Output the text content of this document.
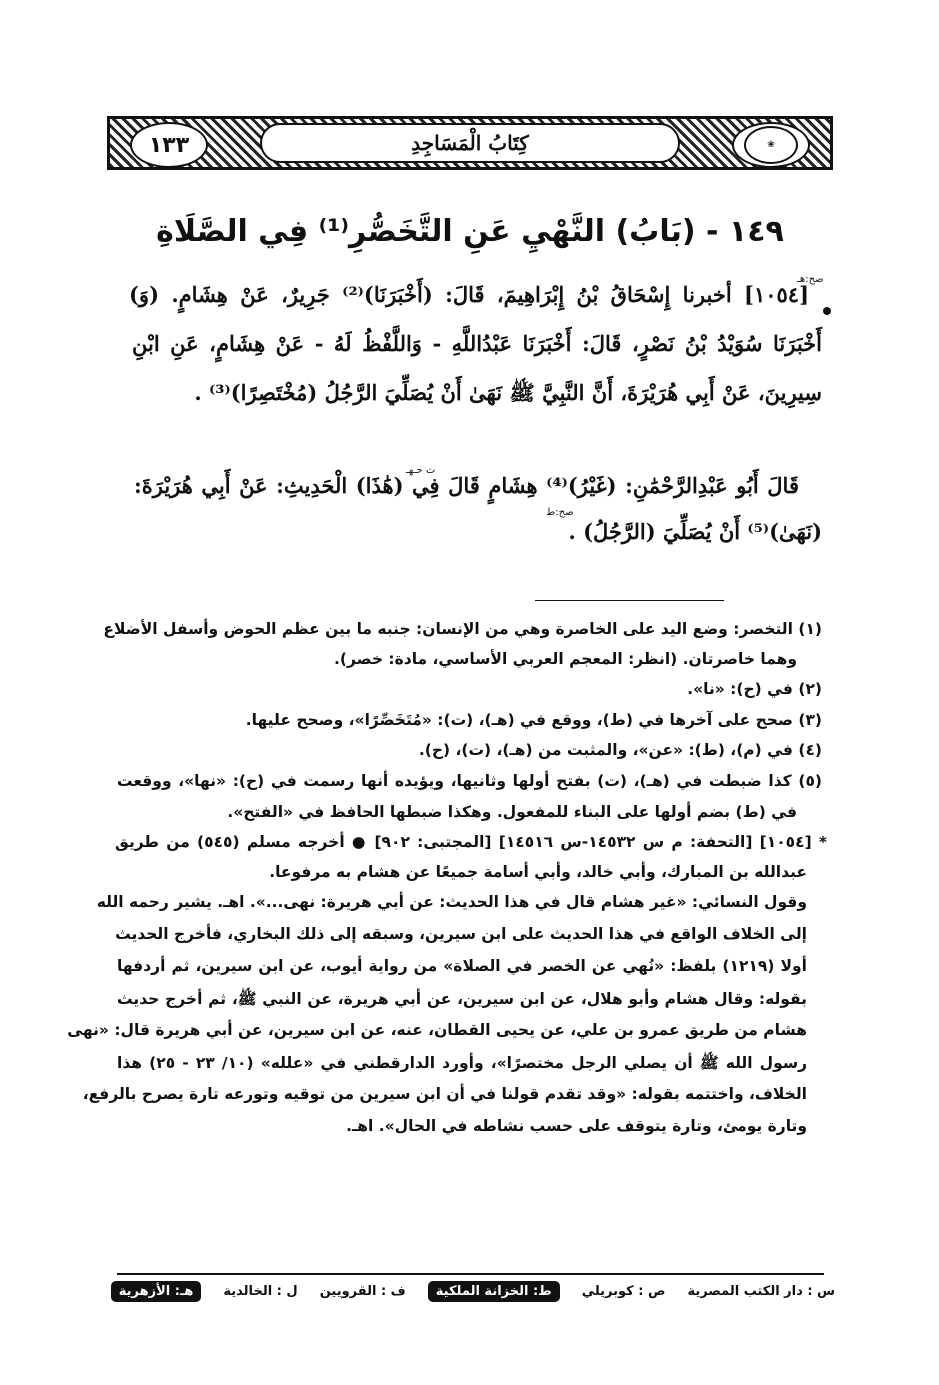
١٣٣	كِتَابُ الْمَسَاجِدِ	❀
١٤٩ - (بَابُ) النَّهْيِ عَنِ التَّخَصُّرِ⁽¹⁾ فِي الصَّلَاةِ
صح:هـ
ت حـهـ
صح:ط
[١٠٥٤] أخبرنا إِسْحَاقُ بْنُ إِبْرَاهِيمَ، قَالَ: (أَخْبَرَنَا)⁽²⁾ جَرِيرٌ، عَنْ هِشَامٍ. (وَ)
أَخْبَرَنَا سُوَيْدُ بْنُ نَصْرٍ، قَالَ: أَخْبَرَنَا عَبْدُاللَّهِ - وَاللَّفْظُ لَهُ - عَنْ هِشَامٍ، عَنِ ابْنِ
سِيرِينَ، عَنْ أَبِي هُرَيْرَةَ، أَنَّ النَّبِيَّ ﷺ نَهَىٰ أَنْ يُصَلِّيَ الرَّجُلُ (مُخْتَصِرًا)⁽³⁾ .
قَالَ أَبُو عَبْدِالرَّحْمَٰنِ: (غَيْرُ)⁽⁴⁾ هِشَامٍ قَالَ فِي (هَٰذَا) الْحَدِيثِ: عَنْ أَبِي هُرَيْرَةَ:
(نَهَىٰ)⁽⁵⁾ أَنْ يُصَلِّيَ (الرَّجُلُ) .
(١) التخصر: وضع اليد على الخاصرة وهي من الإنسان: جنبه ما بين عظم الحوض وأسفل الأضلاع
وهما خاصرتان. (انظر: المعجم العربي الأساسي، مادة: خصر).
(٢) في (ح): «نا».
(٣) صحح على آخرها في (ط)، ووقع في (هـ)، (ت): «مُتَخَصِّرًا»، وصحح عليها.
(٤) في (م)، (ط): «عن»، والمثبت من (هـ)، (ت)، (ح).
(٥) كذا ضبطت في (هـ)، (ت) بفتح أولها وثانيها، ويؤيده أنها رسمت في (ح): «نها»، ووقعت
في (ط) بضم أولها على البناء للمفعول. وهكذا ضبطها الحافظ في «الفتح».
* [١٠٥٤] [التحفة: م س ١٤٥٣٢-س ١٤٥١٦] [المجتبى: ٩٠٢] ● أخرجه مسلم (٥٤٥) من طريق
عبدالله بن المبارك، وأبي خالد، وأبي أسامة جميعًا عن هشام به مرفوعا.
وقول النسائي: «غير هشام قال في هذا الحديث: عن أبي هريرة: نهى...». اهـ. يشير رحمه الله
إلى الخلاف الواقع في هذا الحديث على ابن سيرين، وسبقه إلى ذلك البخاري، فأخرج الحديث
أولا (١٢١٩) بلفظ: «نُهي عن الخصر في الصلاة» من رواية أيوب، عن ابن سيرين، ثم أردفها
بقوله: وقال هشام وأبو هلال، عن ابن سيرين، عن أبي هريرة، عن النبي ﷺ، ثم أخرج حديث
هشام من طريق عمرو بن علي، عن يحيى القطان، عنه، عن ابن سيرين، عن أبي هريرة قال: «نهى
رسول الله ﷺ أن يصلي الرجل مختصرًا»، وأورد الدارقطني في «علله» (١٠/ ٢٣ - ٢٥) هذا
الخلاف، واختتمه بقوله: «وقد تقدم قولنا في أن ابن سيرين من توقيه وتورعه تارة يصرح بالرفع،
وتارة يومئ، وتارة يتوقف على حسب نشاطه في الحال». اهـ.
س : دار الكتب المصرية
ص : كوبريلي
ط: الخزانة الملكية
ف : القرويين
ل : الخالدية
هـ: الأزهرية
